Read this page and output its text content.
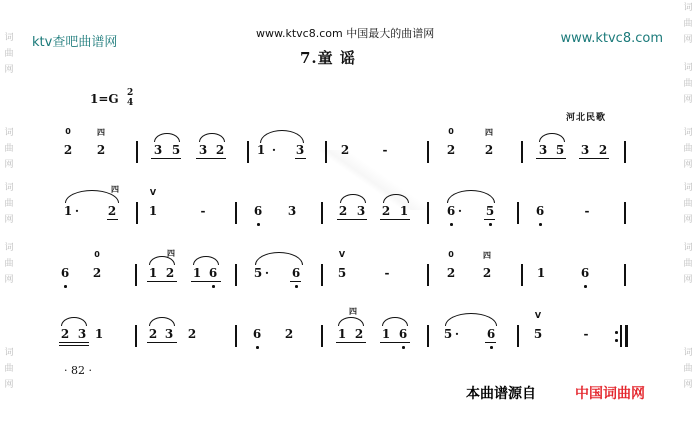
ktv查吧曲谱网
www.ktvc8.com 中国最大的曲谱网	www.ktvc8.com
词
曲
网
词
曲
网
词
曲
网
词
曲
网
词
曲
网
词
曲
网
词
曲
网
词
曲
网
词
曲
网
词
曲
网
词
曲
网
7.童 谣
1=G 2
4
河北民歌
0	四
2 2	3 5 3 2	1 · 3	2	-
0	四
2 2	3 5 3 2
四
1 · 2
V
1	-	6 3	2 3 2 1	6 · 5	6	-
0
6 2
四
1 2 1 6	5 · 6
V
5	-
0	四
2 2	1	6
2 3 1	2 3 2	6 2
四
1 2 1 6	5 · 6
V
5	-
· 82 ·
本曲谱源自	中国词曲网
